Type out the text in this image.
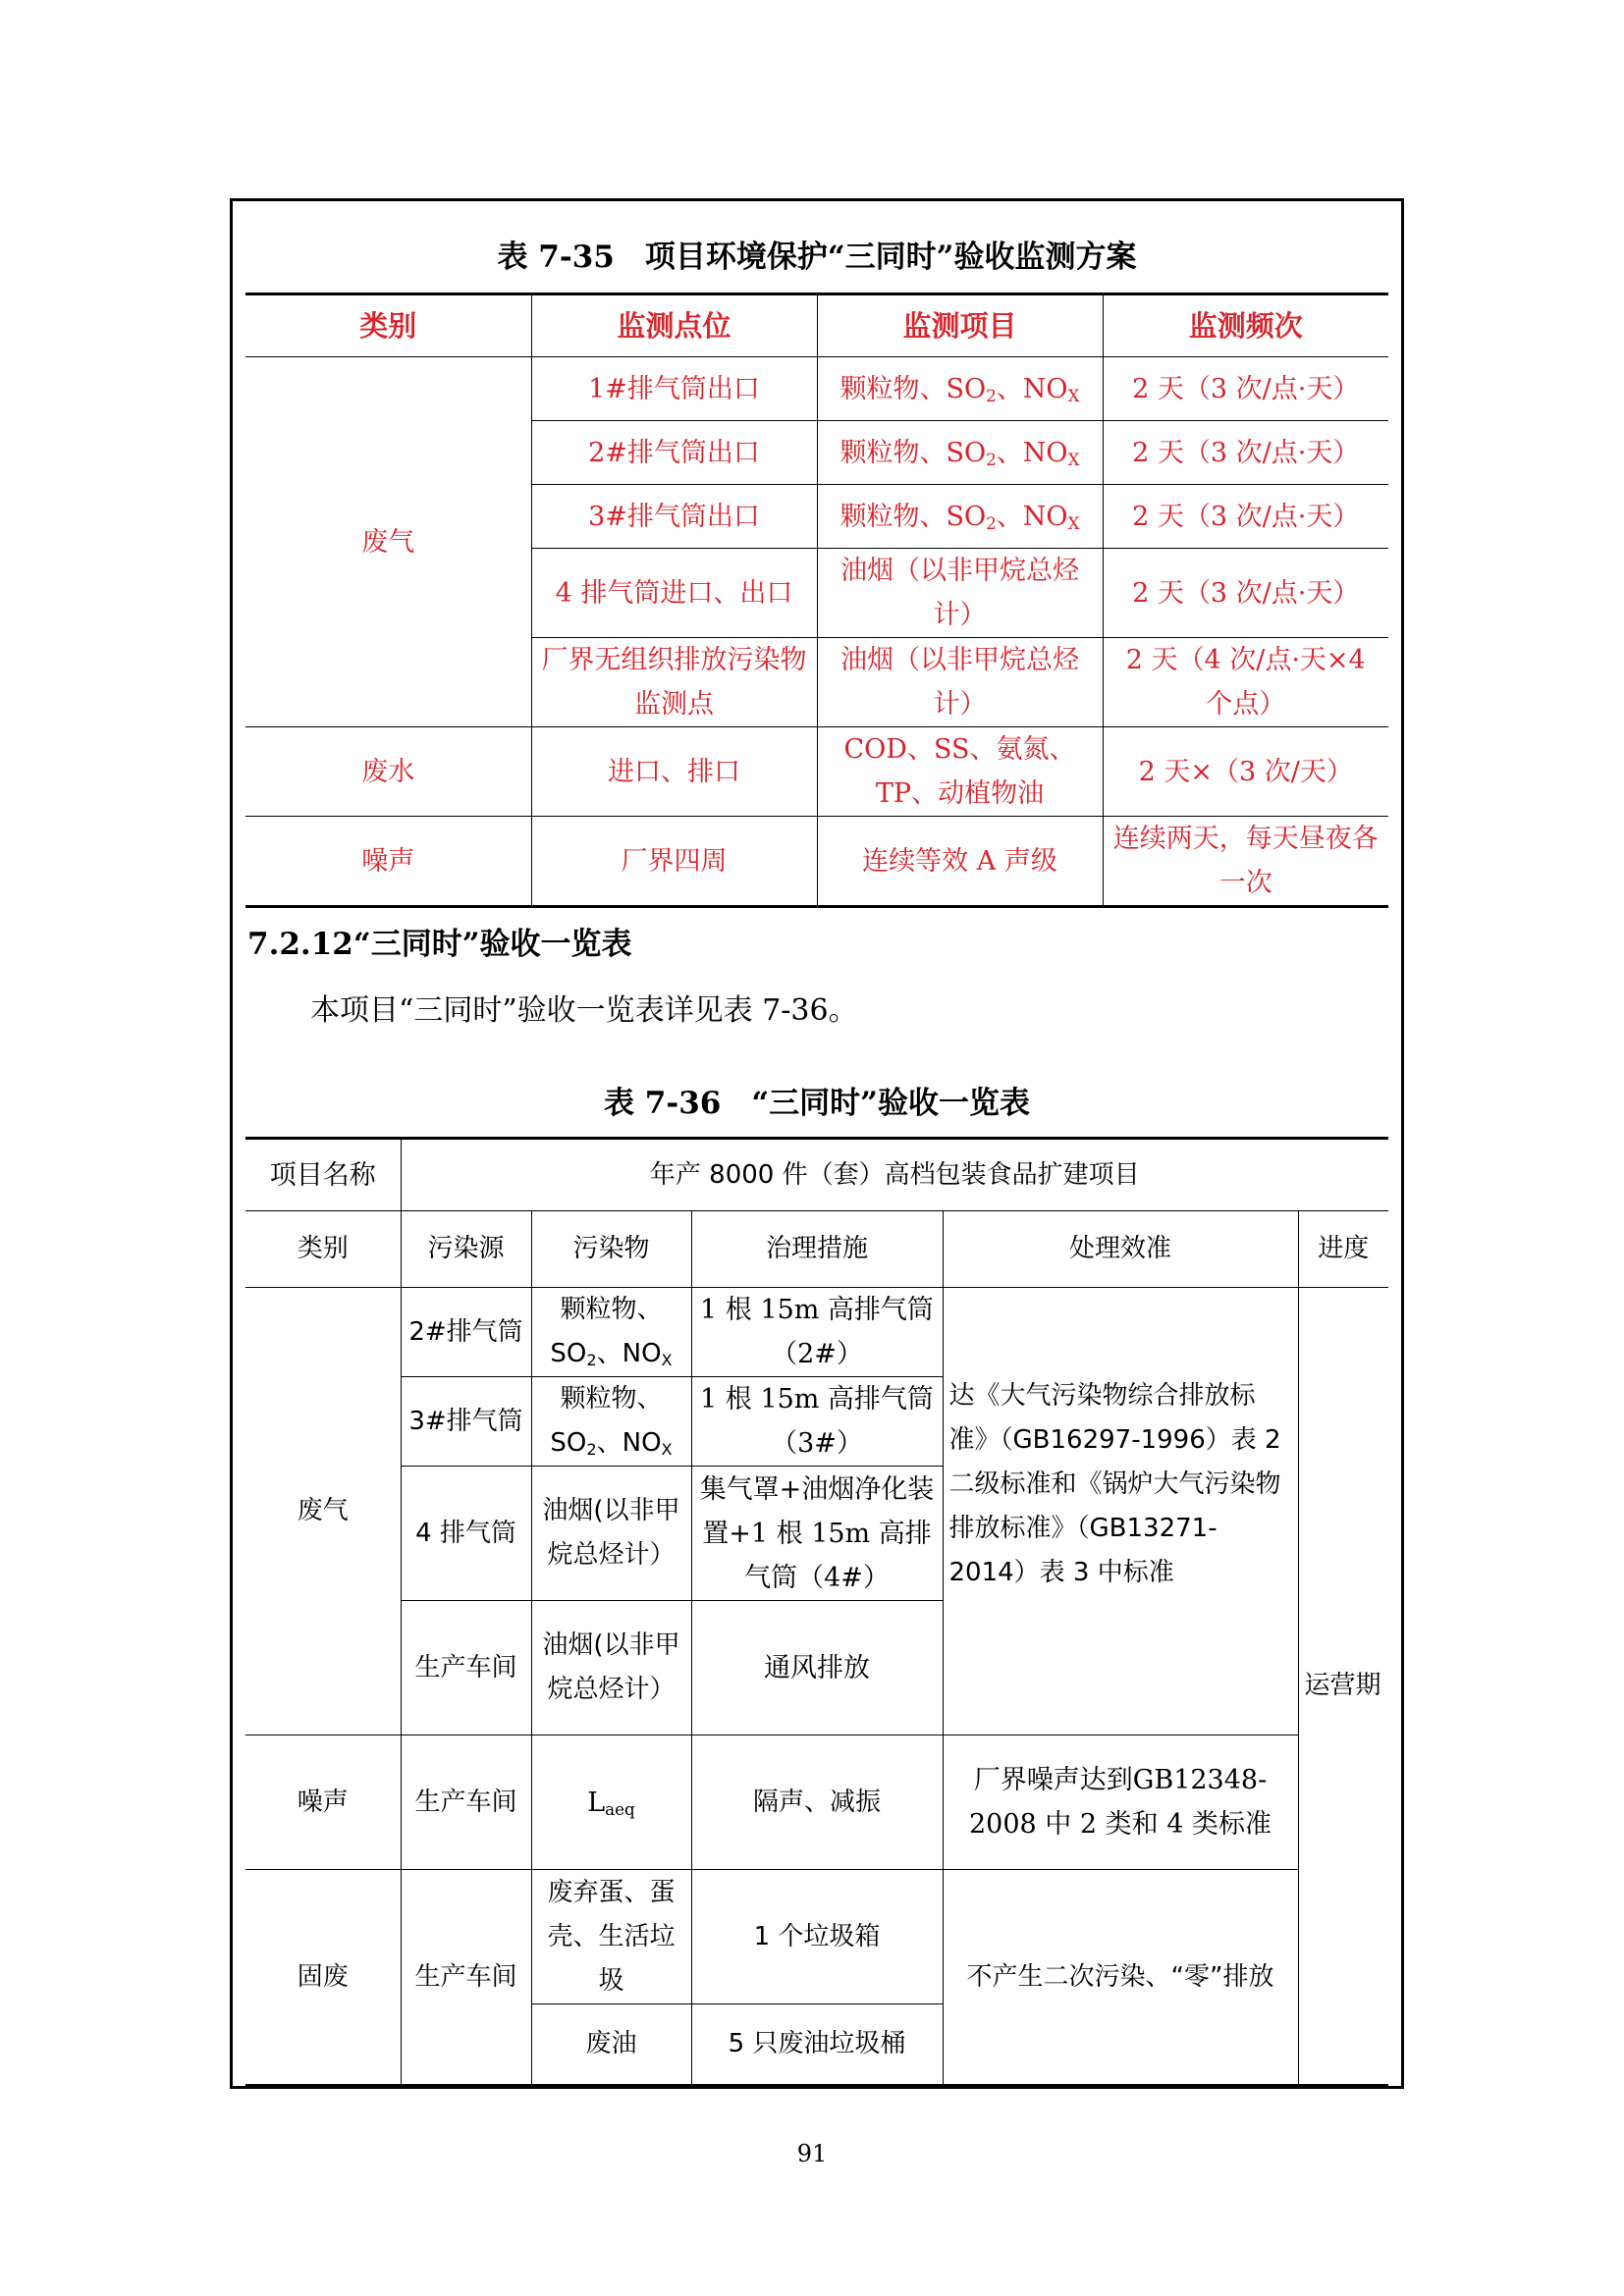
表 7-35　项目环境保护“三同时”验收监测方案
类别	监测点位	监测项目	监测频次
废气	1#排气筒出口	颗粒物、$SO_2$、$NO_X$	2 天（3 次/点·天）
	2#排气筒出口	颗粒物、$SO_2$、$NO_X$	2 天（3 次/点·天）
	3#排气筒出口	颗粒物、$SO_2$、$NO_X$	2 天（3 次/点·天）
	4 排气筒进口、出口	油烟（以非甲烷总烃计）	2 天（3 次/点·天）
	厂界无组织排放污染物监测点	油烟（以非甲烷总烃计）	2 天（4 次/点·天×4 个点）
废水	进口、排口	COD、SS、氨氮、TP、动植物油	2 天×（3 次/天）
噪声	厂界四周	连续等效 A 声级	连续两天，每天昼夜各一次
7.2.12“三同时”验收一览表
本项目“三同时”验收一览表详见表 7-36。
表 7-36　“三同时”验收一览表
项目名称	年产 8000 件（套）高档包装食品扩建项目				
类别	污染源	污染物	治理措施	处理效准	进度
废气	2#排气筒	颗粒物、$SO_2$、$NO_X$	1 根 15m 高排气筒（2#）	达《大气污染物综合排放标准》（GB16297-1996）表 2 二级标准和《锅炉大气污染物排放标准》（GB13271-2014）表 3 中标准	运营期
	3#排气筒	颗粒物、$SO_2$、$NO_X$	1 根 15m 高排气筒（3#）		
	4 排气筒	油烟(以非甲烷总烃计）	集气罩+油烟净化装置+1 根 15m 高排气筒（4#）		
	生产车间	油烟(以非甲烷总烃计）	通风排放		
噪声	生产车间	$L_{aeq}$	隔声、减振	厂界噪声达到GB12348-2008 中 2 类和 4 类标准	
固废	生产车间	废弃蛋、蛋壳、生活垃圾	1 个垃圾箱	不产生二次污染、“零”排放	
		废油	5 只废油垃圾桶		
91
